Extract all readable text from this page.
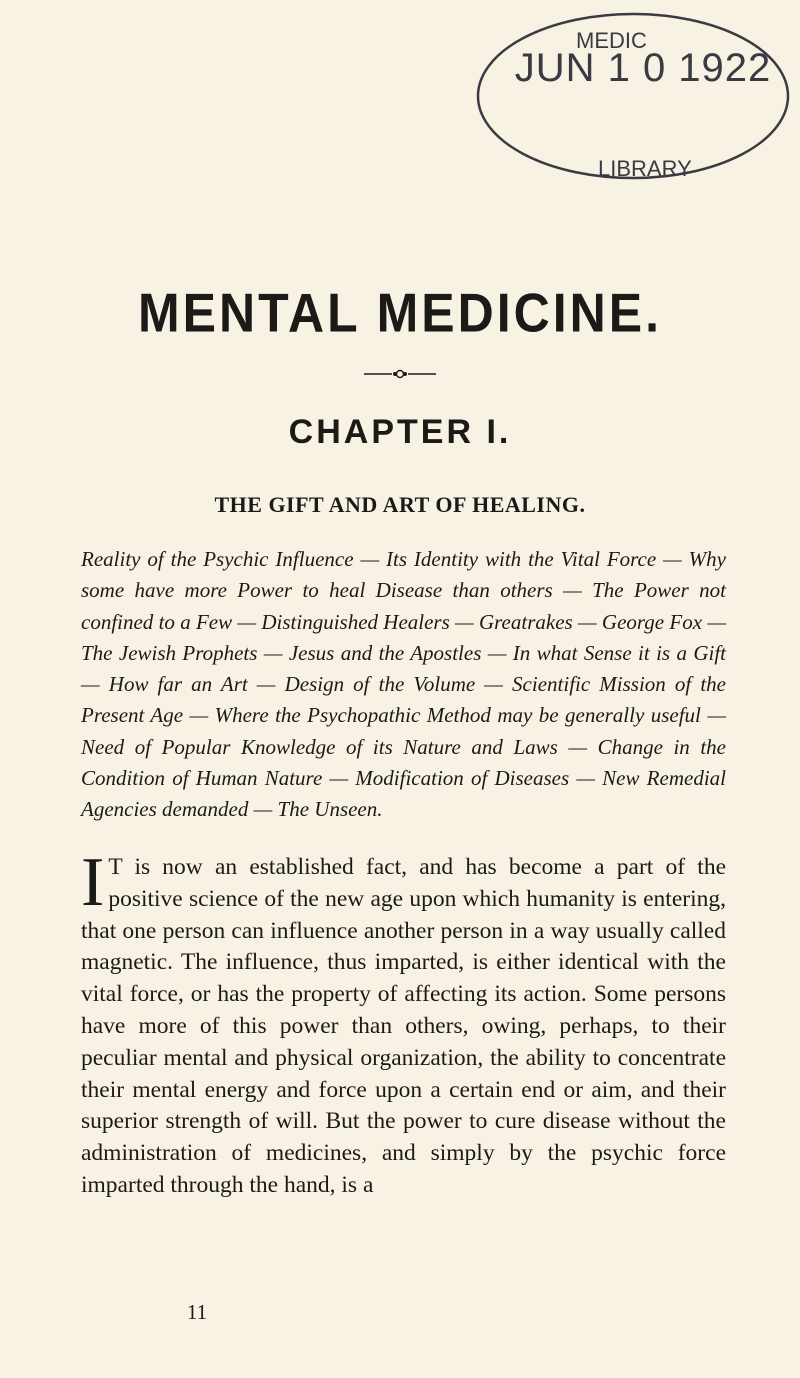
MEDIC
LIBRARY
JUN 1 0 1922
MENTAL MEDICINE.
CHAPTER I.
THE GIFT AND ART OF HEALING.

Reality of the Psychic Influence — Its Identity with the Vital Force — Why some have more Power to heal Disease than others — The Power not confined to a Few — Distinguished Healers — Greatrakes — George Fox — The Jewish Prophets — Jesus and the Apostles — In what Sense it is a Gift — How far an Art — Design of the Volume — Scientific Mission of the Present Age — Where the Psychopathic Method may be generally useful — Need of Popular Knowledge of its Nature and Laws — Change in the Condition of Human Nature — Modification of Diseases — New Remedial Agencies demanded — The Unseen.

I T is now an established fact, and has become a part of the positive science of the new age upon which humanity is entering, that one person can influence another person in a way usually called magnetic. The influence, thus imparted, is either identical with the vital force, or has the property of affecting its action. Some persons have more of this power than others, owing, perhaps, to their peculiar mental and physical organization, the ability to concentrate their mental energy and force upon a certain end or aim, and their superior strength of will. But the power to cure disease without the administration of medicines, and simply by the psychic force imparted through the hand, is a

11
